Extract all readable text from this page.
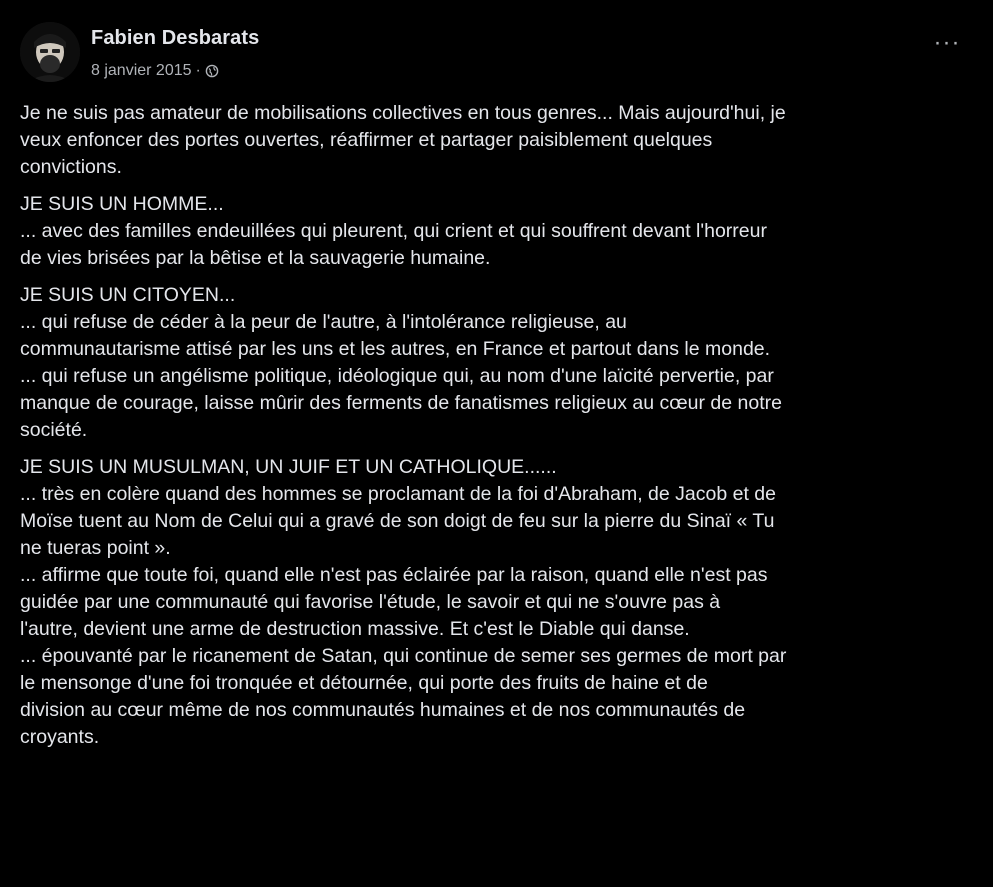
Fabien Desbarats
8 janvier 2015 ·
···
Je ne suis pas amateur de mobilisations collectives en tous genres... Mais aujourd'hui, je
veux enfoncer des portes ouvertes, réaffirmer et partager paisiblement quelques
convictions.
JE SUIS UN HOMME...
... avec des familles endeuillées qui pleurent, qui crient et qui souffrent devant l'horreur
de vies brisées par la bêtise et la sauvagerie humaine.
JE SUIS UN CITOYEN...
... qui refuse de céder à la peur de l'autre, à l'intolérance religieuse, au
communautarisme attisé par les uns et les autres, en France et partout dans le monde.
... qui refuse un angélisme politique, idéologique qui, au nom d'une laïcité pervertie, par
manque de courage, laisse mûrir des ferments de fanatismes religieux au cœur de notre
société.
JE SUIS UN MUSULMAN, UN JUIF ET UN CATHOLIQUE......
... très en colère quand des hommes se proclamant de la foi d'Abraham, de Jacob et de
Moïse tuent au Nom de Celui qui a gravé de son doigt de feu sur la pierre du Sinaï « Tu
ne tueras point ».
... affirme que toute foi, quand elle n'est pas éclairée par la raison, quand elle n'est pas
guidée par une communauté qui favorise l'étude, le savoir et qui ne s'ouvre pas à
l'autre, devient une arme de destruction massive. Et c'est le Diable qui danse.
... épouvanté par le ricanement de Satan, qui continue de semer ses germes de mort par
le mensonge d'une foi tronquée et détournée, qui porte des fruits de haine et de
division au cœur même de nos communautés humaines et de nos communautés de
croyants.
